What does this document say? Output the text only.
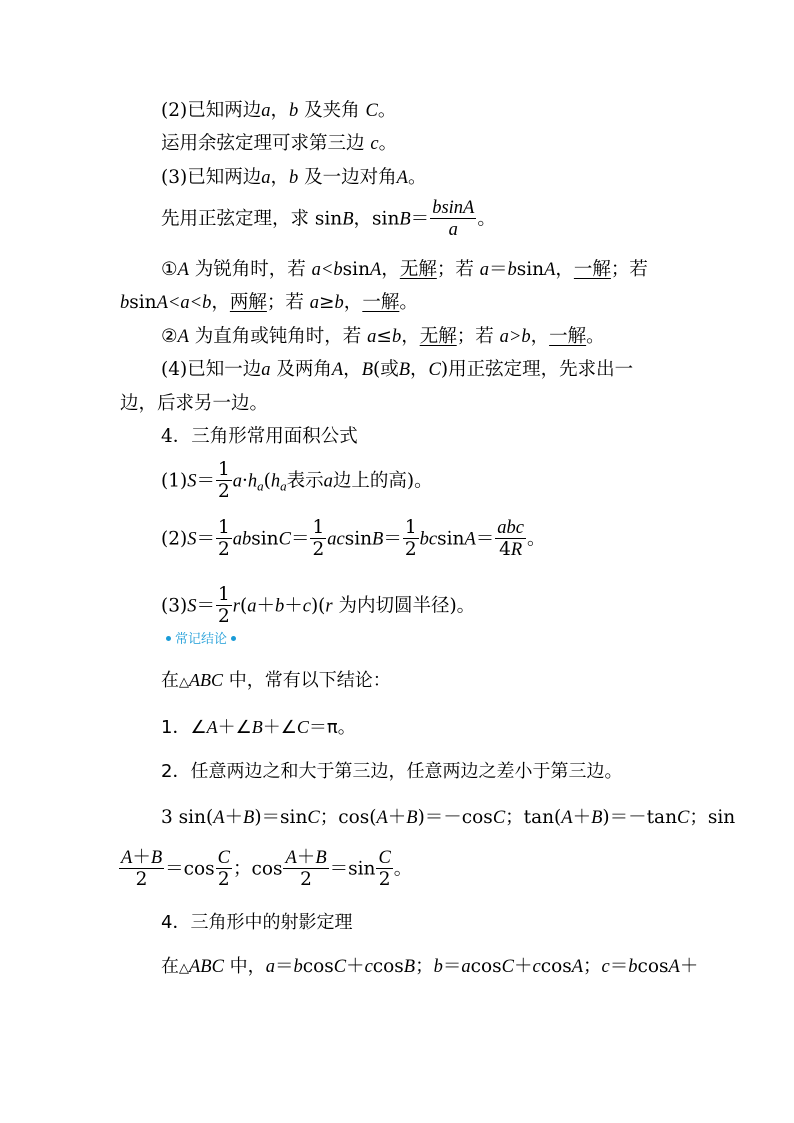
(2)已知两边a，b 及夹角 C。
运用余弦定理可求第三边 c。
(3)已知两边a，b 及一边对角A。
先用正弦定理，求 sinB，$\sin B= \frac{bsinA}{a}$ 。
①A 为锐角时，若 a<bsinA，无解；若 a＝bsinA，一解；若
bsinA<a<b，两解；若 a≥b，一解。
②A 为直角或钝角时，若 a≤b，无解；若 a>b，一解。
(4)已知一边a 及两角A，B(或B，C)用正弦定理，先求出一
边，后求另一边。
4．三角形常用面积公式
$(1)S= \frac{1}{2} a\cdot h_a(h_a$表示a边上的高)。
$(2)S= \frac{1}{2} absinC= \frac{1}{2} acsinB= \frac{1}{2} bcsinA= \frac{\text{abc}}{4R}$ 。
$(3)S= \frac{1}{2} r(a+b+c)(r$ 为内切圆半径)。
常记结论
在△ABC 中，常有以下结论：
1．∠A＋∠B＋∠C＝π。
2．任意两边之和大于第三边，任意两边之差小于第三边。
3 sin(A＋B)＝sinC；cos(A＋B)＝－cosC；tan(A＋B)＝－tanC；sin
$\frac{A+B}{2} =\cos \frac{C}{2}$ ；$\cos \frac{A+B}{2} =\sin \frac{C}{2}$ 。
4．三角形中的射影定理
在△ABC 中，a＝bcosC＋ccosB；b＝acosC＋ccosA；c＝bcosA＋
